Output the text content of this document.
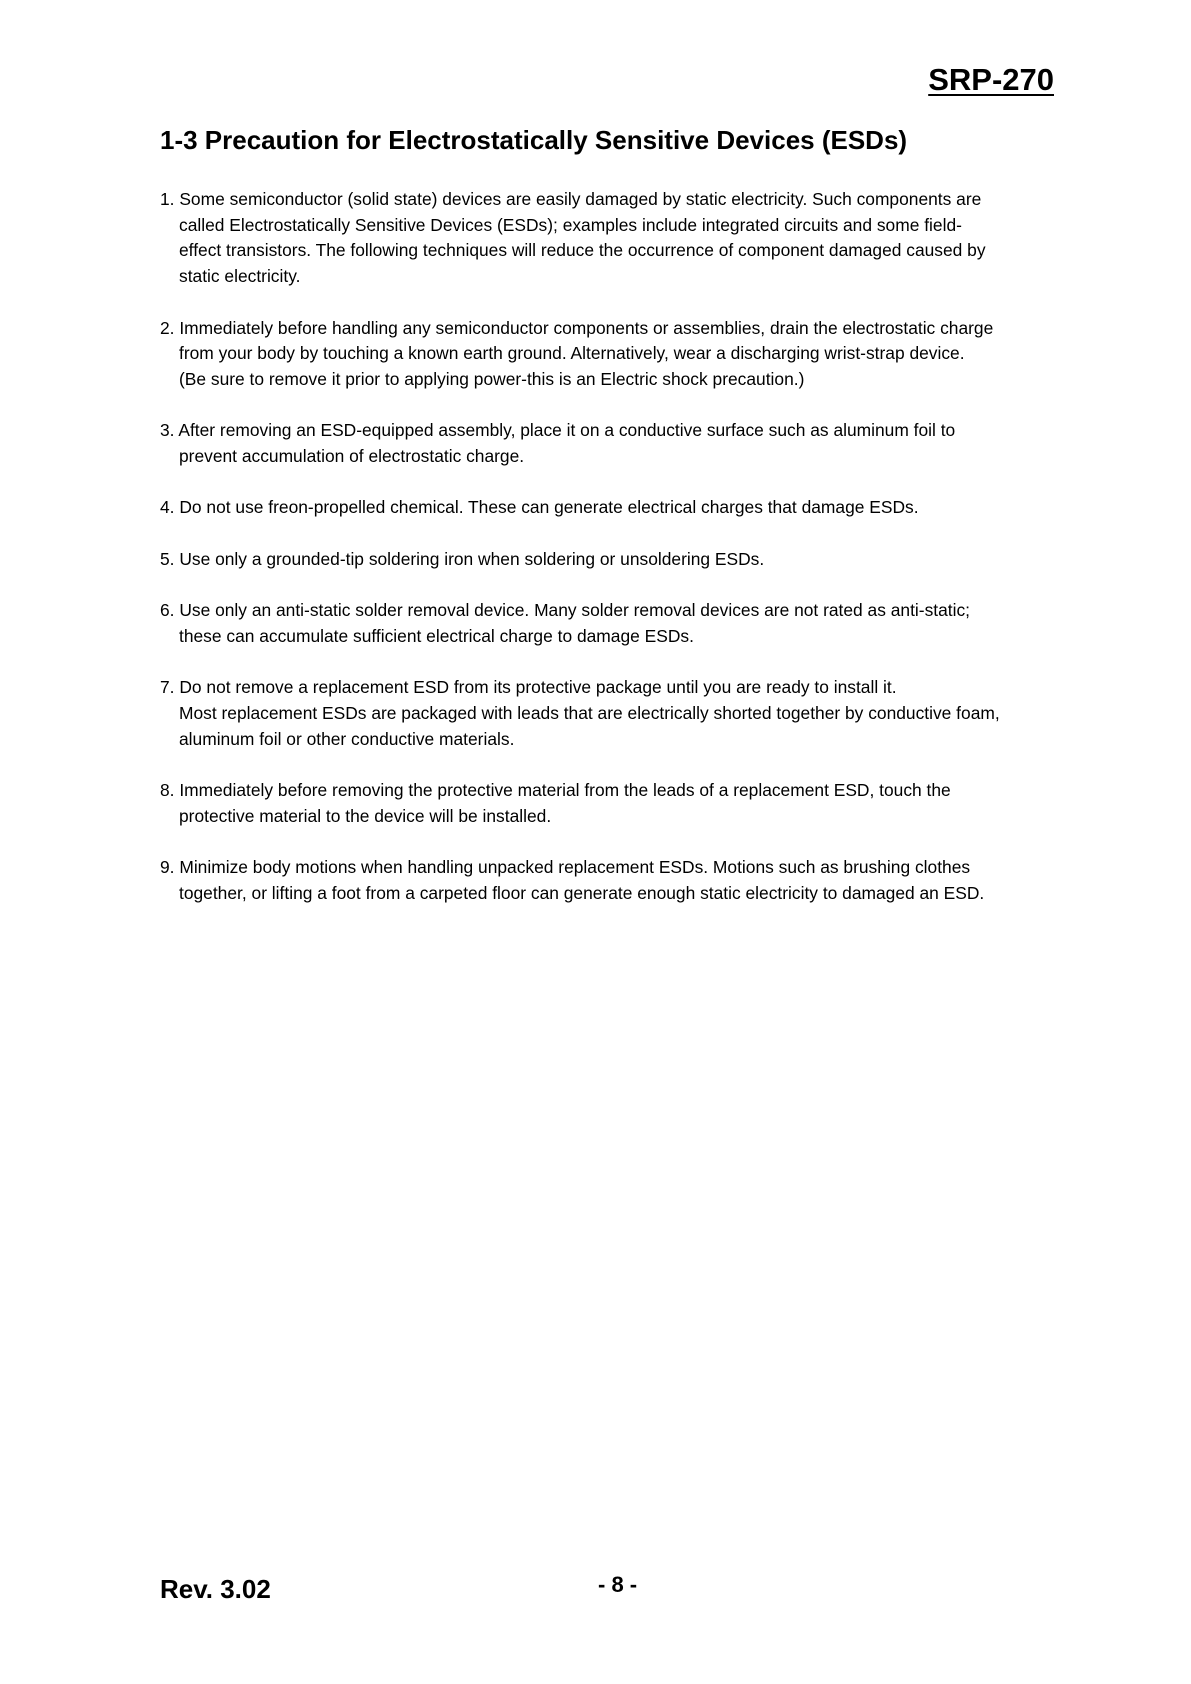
SRP-270
1-3 Precaution for Electrostatically Sensitive Devices (ESDs)
1. Some semiconductor (solid state) devices are easily damaged by static electricity. Such components are
called Electrostatically Sensitive Devices (ESDs); examples include integrated circuits and some field-
effect transistors. The following techniques will reduce the occurrence of component damaged caused by
static electricity.
2. Immediately before handling any semiconductor components or assemblies, drain the electrostatic charge
from your body by touching a known earth ground. Alternatively, wear a discharging wrist-strap device.
(Be sure to remove it prior to applying power-this is an Electric shock precaution.)
3. After removing an ESD-equipped assembly, place it on a conductive surface such as aluminum foil to
prevent accumulation of electrostatic charge.
4. Do not use freon-propelled chemical. These can generate electrical charges that damage ESDs.
5. Use only a grounded-tip soldering iron when soldering or unsoldering ESDs.
6. Use only an anti-static solder removal device. Many solder removal devices are not rated as anti-static;
these can accumulate sufficient electrical charge to damage ESDs.
7. Do not remove a replacement ESD from its protective package until you are ready to install it.
Most replacement ESDs are packaged with leads that are electrically shorted together by conductive foam,
aluminum foil or other conductive materials.
8. Immediately before removing the protective material from the leads of a replacement ESD, touch the
protective material to the device will be installed.
9. Minimize body motions when handling unpacked replacement ESDs. Motions such as brushing clothes
together, or lifting a foot from a carpeted floor can generate enough static electricity to damaged an ESD.
Rev. 3.02	- 8 -
